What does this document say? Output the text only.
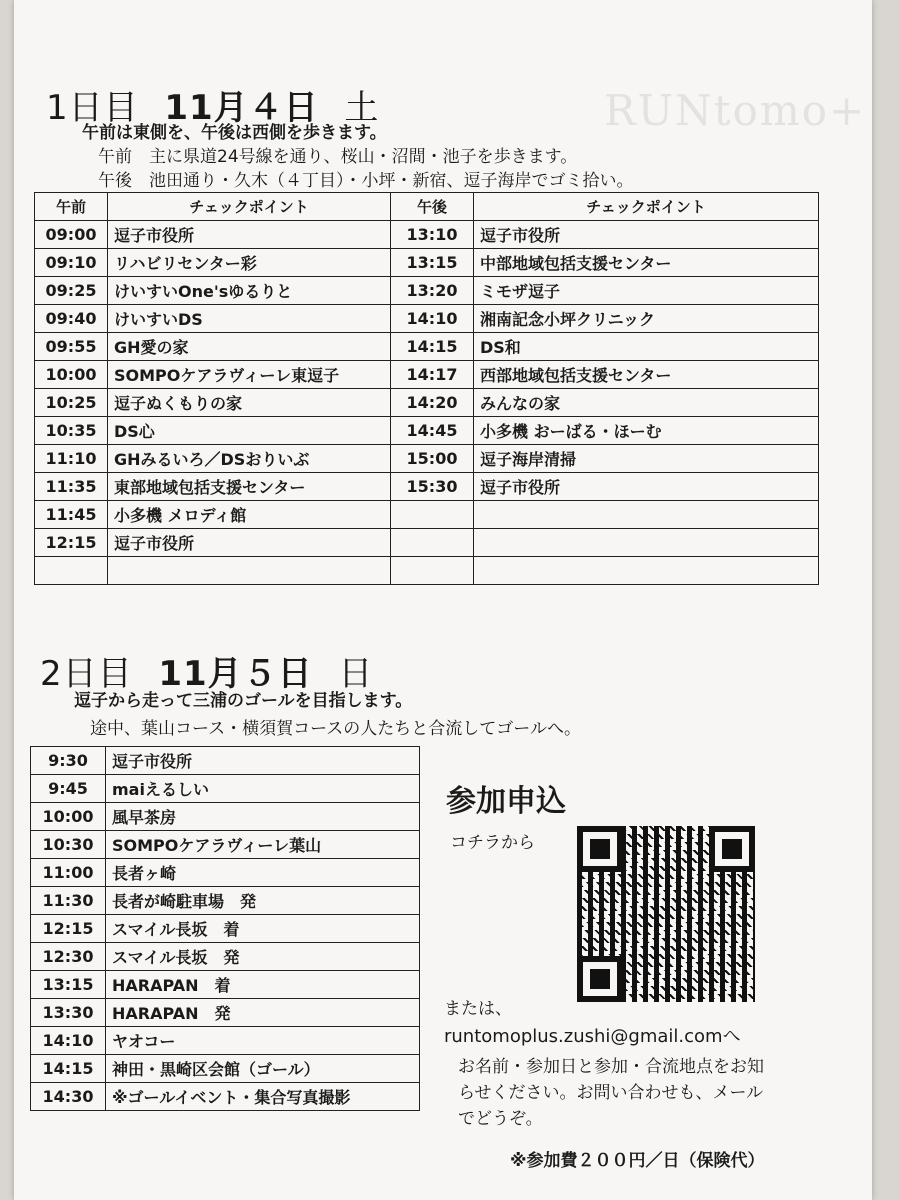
RUNtomo+
1日目 11月４日 土
午前は東側を、午後は西側を歩きます。
午前　主に県道24号線を通り、桜山・沼間・池子を歩きます。
午後　池田通り・久木（４丁目）・小坪・新宿、逗子海岸でゴミ拾い。
午前	チェックポイント	午後	チェックポイント
09:00	逗子市役所	13:10	逗子市役所
09:10	リハビリセンター彩	13:15	中部地域包括支援センター
09:25	けいすいOne'sゆるりと	13:20	ミモザ逗子
09:40	けいすいDS	14:10	湘南記念小坪クリニック
09:55	GH愛の家	14:15	DS和
10:00	SOMPOケアラヴィーレ東逗子	14:17	西部地域包括支援センター
10:25	逗子ぬくもりの家	14:20	みんなの家
10:35	DS心	14:45	小多機 おーばる・ほーむ
11:10	GHみるいろ／DSおりいぶ	15:00	逗子海岸清掃
11:35	東部地域包括支援センター	15:30	逗子市役所
11:45	小多機 メロディ館		
12:15	逗子市役所		

2日目 11月５日 日
逗子から走って三浦のゴールを目指します。
途中、葉山コース・横須賀コースの人たちと合流してゴールへ。
9:30	逗子市役所
9:45	maiえるしい
10:00	風早茶房
10:30	SOMPOケアラヴィーレ葉山
11:00	長者ヶ崎
11:30	長者が崎駐車場　発
12:15	スマイル長坂　着
12:30	スマイル長坂　発
13:15	HARAPAN　着
13:30	HARAPAN　発
14:10	ヤオコー
14:15	神田・黒崎区会館（ゴール）
14:30	※ゴールイベント・集合写真撮影
参加申込
コチラから
または、
runtomoplus.zushi@gmail.comへ
お名前・参加日と参加・合流地点をお知
らせください。お問い合わせも、メール
でどうぞ。
※参加費２００円／日（保険代）
